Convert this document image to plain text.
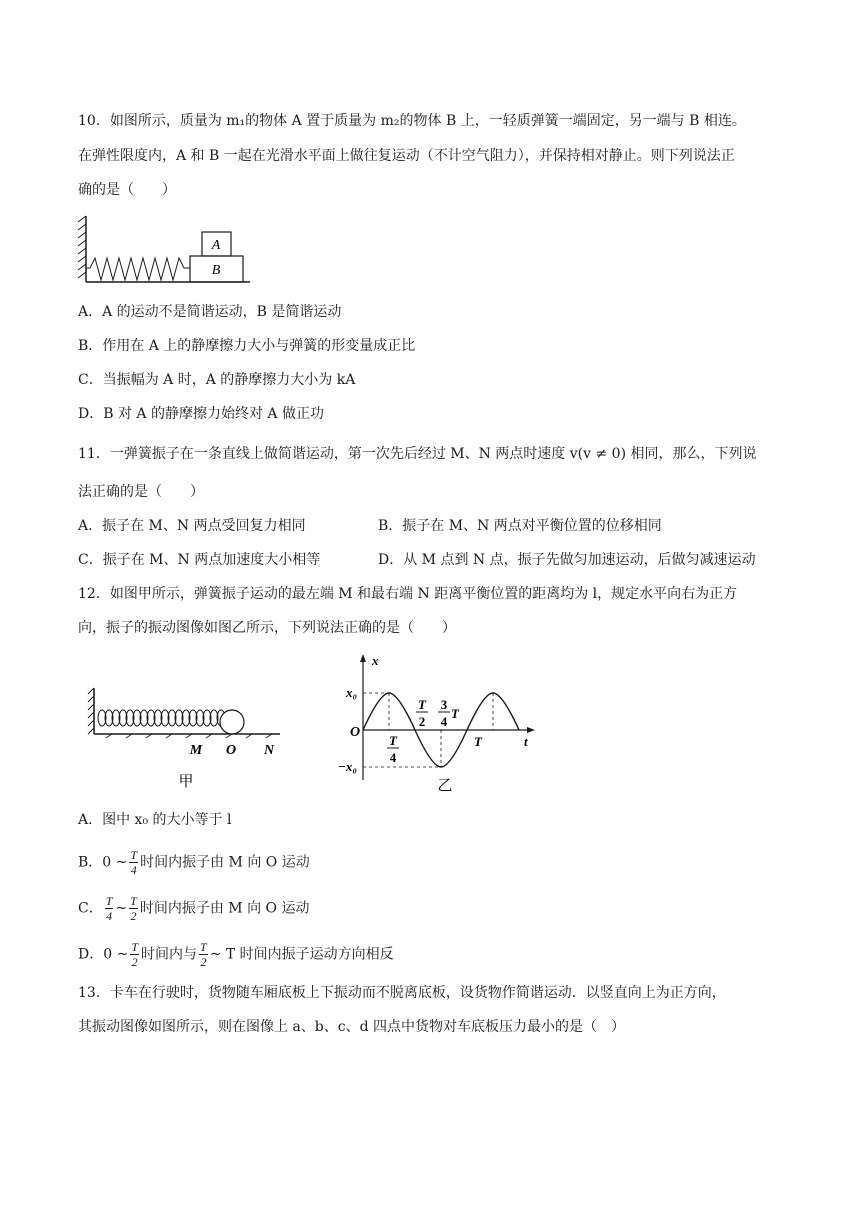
10．如图所示，质量为 m₁的物体 A 置于质量为 m₂的物体 B 上，一轻质弹簧一端固定，另一端与 B 相连。
在弹性限度内，A 和 B 一起在光滑水平面上做往复运动（不计空气阻力），并保持相对静止。则下列说法正
确的是（　　）
A
B
A．A 的运动不是简谐运动，B 是简谐运动
B．作用在 A 上的静摩擦力大小与弹簧的形变量成正比
C．当振幅为 A 时，A 的静摩擦力大小为 kA
D．B 对 A 的静摩擦力始终对 A 做正功
11．一弹簧振子在一条直线上做简谐运动，第一次先后经过 M、N 两点时速度 v(v ≠ 0) 相同，那么，下列说
法正确的是（　　）
A．振子在 M、N 两点受回复力相同	B．振子在 M、N 两点对平衡位置的位移相同
C．振子在 M、N 两点加速度大小相等	D．从 M 点到 N 点，振子先做匀加速运动，后做匀减速运动
12．如图甲所示，弹簧振子运动的最左端 M 和最右端 N 距离平衡位置的距离均为 l，规定水平向右为正方
向，振子的振动图像如图乙所示，下列说法正确的是（　　）
M O N
甲
x
t
O
x₀
−x₀
T
2
3
4
T
T
4
T
乙
A．图中 x₀ 的大小等于 l
B．0 ~ $\frac{T}{4}$ 时间内振子由 M 向 O 运动
C． $\frac{T}{4}$ ~ $\frac{T}{2}$ 时间内振子由 M 向 O 运动
D．0 ~ $\frac{T}{2}$ 时间内与 $\frac{T}{2}$ ~ T 时间内振子运动方向相反
13．卡车在行驶时，货物随车厢底板上下振动而不脱离底板，设货物作简谐运动．以竖直向上为正方向，
其振动图像如图所示，则在图像上 a、b、c、d 四点中货物对车底板压力最小的是（　）
